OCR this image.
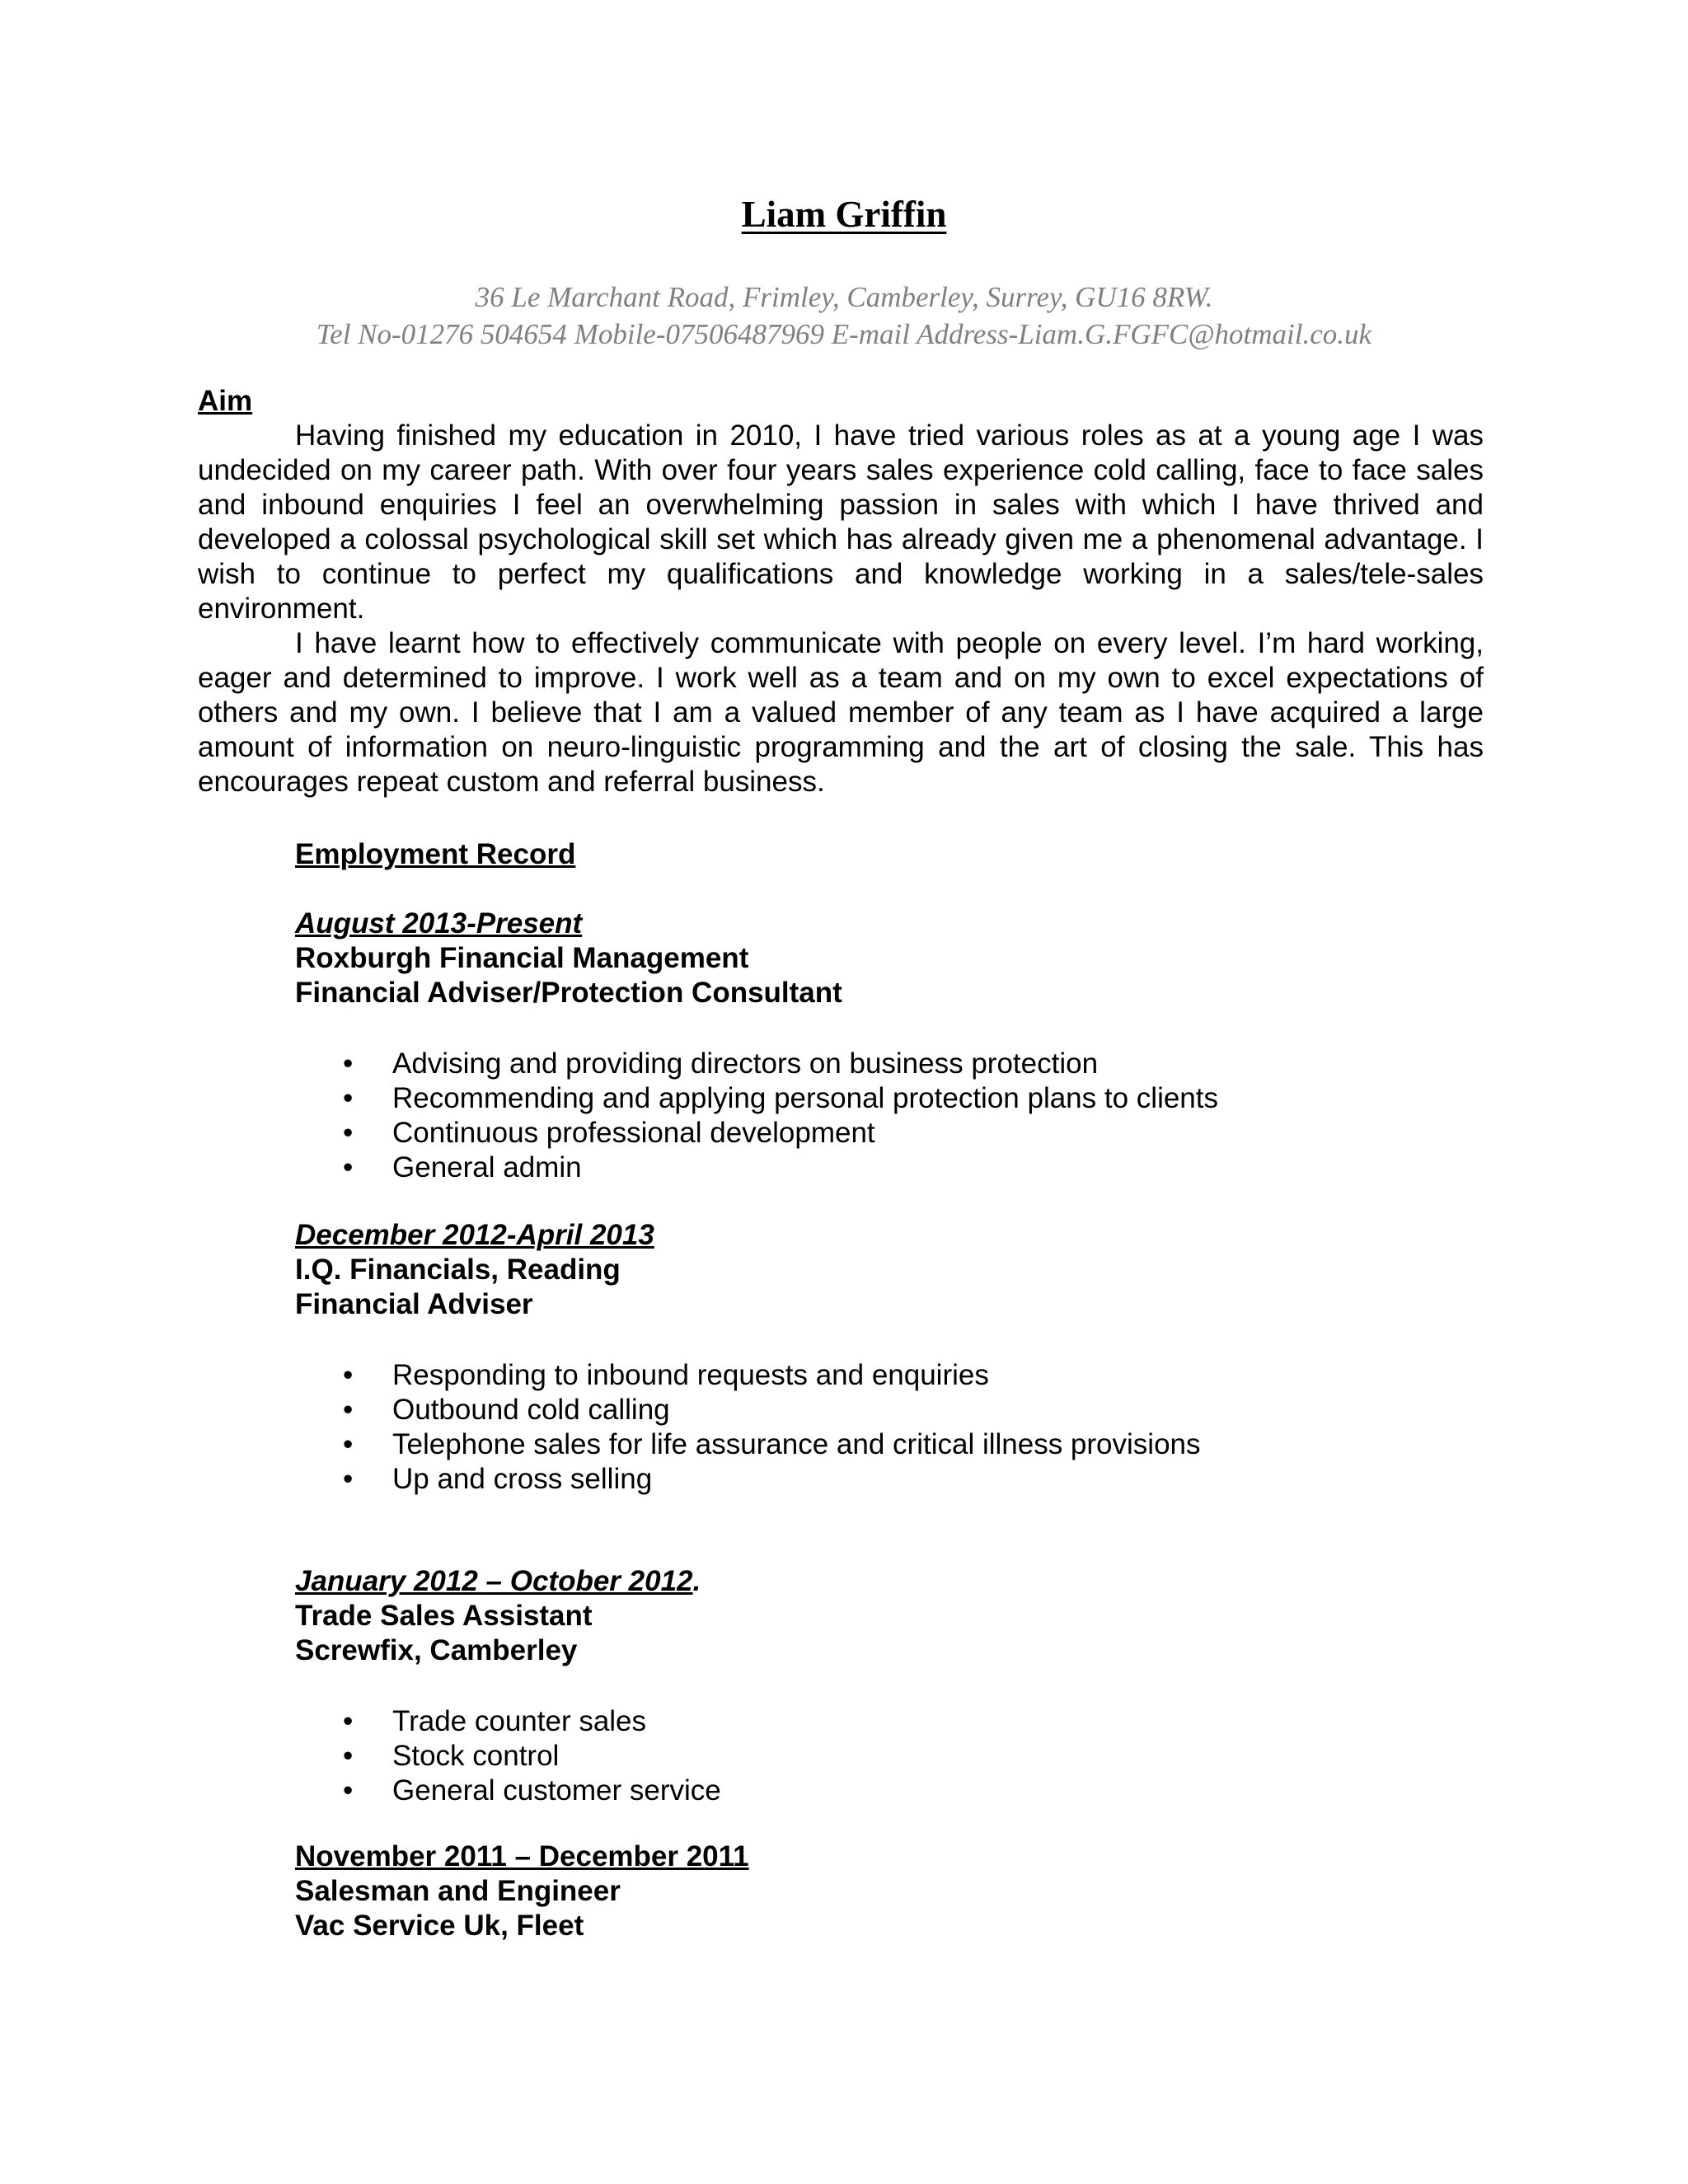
Liam Griffin
36 Le Marchant Road, Frimley, Camberley, Surrey, GU16 8RW.
Tel No-01276 504654 Mobile-07506487969 E-mail Address-Liam.G.FGFC@hotmail.co.uk
Aim

Having finished my education in 2010, I have tried various roles as at a young age I was undecided on my career path. With over four years sales experience cold calling, face to face sales and inbound enquiries I feel an overwhelming passion in sales with which I have thrived and developed a colossal psychological skill set which has already given me a phenomenal advantage. I wish to continue to perfect my qualifications and knowledge working in a sales/tele-sales environment.

I have learnt how to effectively communicate with people on every level. I’m hard working, eager and determined to improve. I work well as a team and on my own to excel expectations of others and my own. I believe that I am a valued member of any team as I have acquired a large amount of information on neuro-linguistic programming and the art of closing the sale. This has encourages repeat custom and referral business.

Employment Record
August 2013-Present
Roxburgh Financial Management
Financial Adviser/Protection Consultant
• Advising and providing directors on business protection
• Recommending and applying personal protection plans to clients
• Continuous professional development
• General admin
December 2012-April 2013
I.Q. Financials, Reading
Financial Adviser
• Responding to inbound requests and enquiries
• Outbound cold calling
• Telephone sales for life assurance and critical illness provisions
• Up and cross selling
January 2012 – October 2012.
Trade Sales Assistant
Screwfix, Camberley
• Trade counter sales
• Stock control
• General customer service
November 2011 – December 2011
Salesman and Engineer
Vac Service Uk, Fleet
